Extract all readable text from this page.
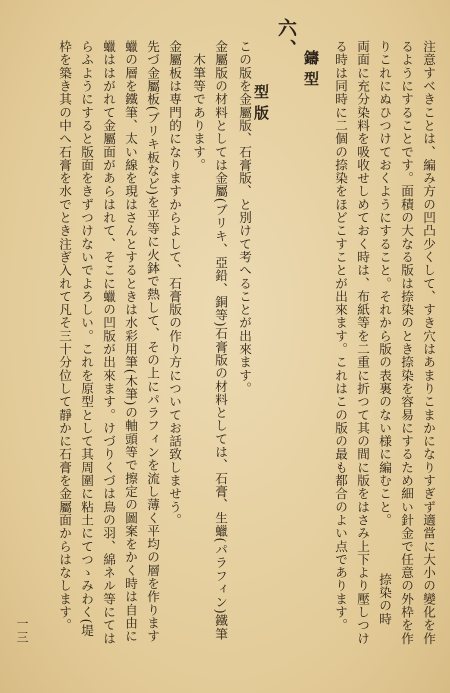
注意すべきことは、編み方の凹凸少くして、すき穴はあまりこまかになりすぎず適當に大小の變化を作
るようにすることです。面積の大なる版は捺染のとき捺染を容易にするため細い針金で任意の外枠を作
りこれにぬひつけておくようにすること。それから版の表裏のない様に編むこと。　　　　捺染の時
両面に充分染料を吸收せしめておく時は、布紙等を二重に折つて其の間に版をはさみ上下より壓しつけ
る時は同時に二個の捺染をほどこすことが出來ます。これはこの版の最も都合のよい点であります。
六、
鑄型
型版
この版を金屬版、石膏版、と別けて考へることが出來ます。
金屬版の材料としては金屬(ブリキ、亞鉛、銅等)石膏版の材料としては、石膏、生蠟(パラフィン)鐵筆
　木筆等であります。
金屬板は専門的になりますからよして、石膏版の作り方についてお話致しませう。
先づ金屬板(ブリキ板など)を平等に火鉢で熱して、その上にパラフィンを流し薄く平均の層を作ります
蠟の層を鐵筆、太い線を現はさんとするときは水彩用筆(木筆)の軸頭等で擦定の圖案をかく時は自由に
蠟ははがれて金屬面があらはれて、そこに蠟の凹版が出來ます。けづりくづは鳥の羽、綿ネル等にては
らふようにすると版面をきずつけないでよろしい。これを原型として其周圍に粘土にてつゝみわく(堤
枠を築き其の中へ石膏を水でとき注ぎ入れて凡そ三十分位して靜かに石膏を金屬面からはなします。
一三
